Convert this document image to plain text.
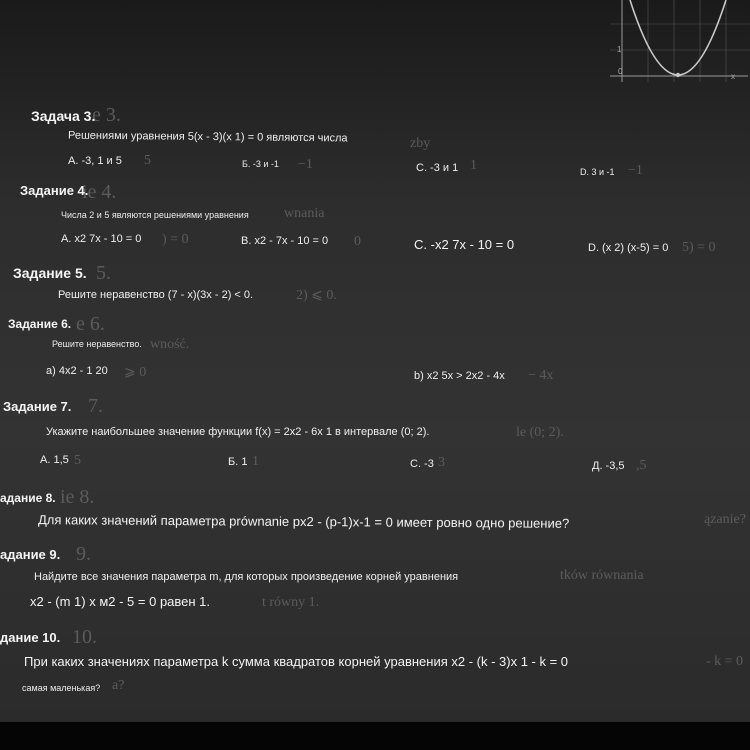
1
0
x
e 3.
zby
5	−1	1	−1
ie 4.
wnania
) = 0	0	5) = 0
5.
2) ⩽ 0.
e 6.
wność.
⩾ 0	− 4x
7.
le (0; 2).
5	1	3	,5
ie 8.
ązanie?
9.
tków równania
t równy 1.
10.
- k = 0
a?
Задача 3.
Решениями уравнения 5(x - 3)(x 1) = 0 являются числа
A. -3, 1 и 5	Б. -3 и -1	C. -3 и 1	D. 3 и -1
Задание 4.
Числа 2 и 5 являются решениями уравнения
A. x2 7x - 10 = 0	B. x2 - 7x - 10 = 0	C. -x2 7x - 10 = 0	D. (x 2) (x-5) = 0
Задание 5.
Решите неравенство (7 - x)(3x - 2) < 0.
Задание 6.
Решите неравенство.
a) 4x2 - 1 20	b) x2 5x > 2x2 - 4x
Задание 7.
Укажите наибольшее значение функции f(x) = 2x2 - 6x 1 в интервале (0; 2).
A. 1,5	Б. 1	C. -3	Д. -3,5
адание 8.
Для каких значений параметра prównanie px2 - (p-1)x-1 = 0 имеет ровно одно решение?
адание 9.
Найдите все значения параметра m, для которых произведение корней уравнения
x2 - (m 1) x м2 - 5 = 0 равен 1.
дание 10.
При каких значениях параметра k сумма квадратов корней уравнения x2 - (k - 3)x 1 - k = 0
самая маленькая?
